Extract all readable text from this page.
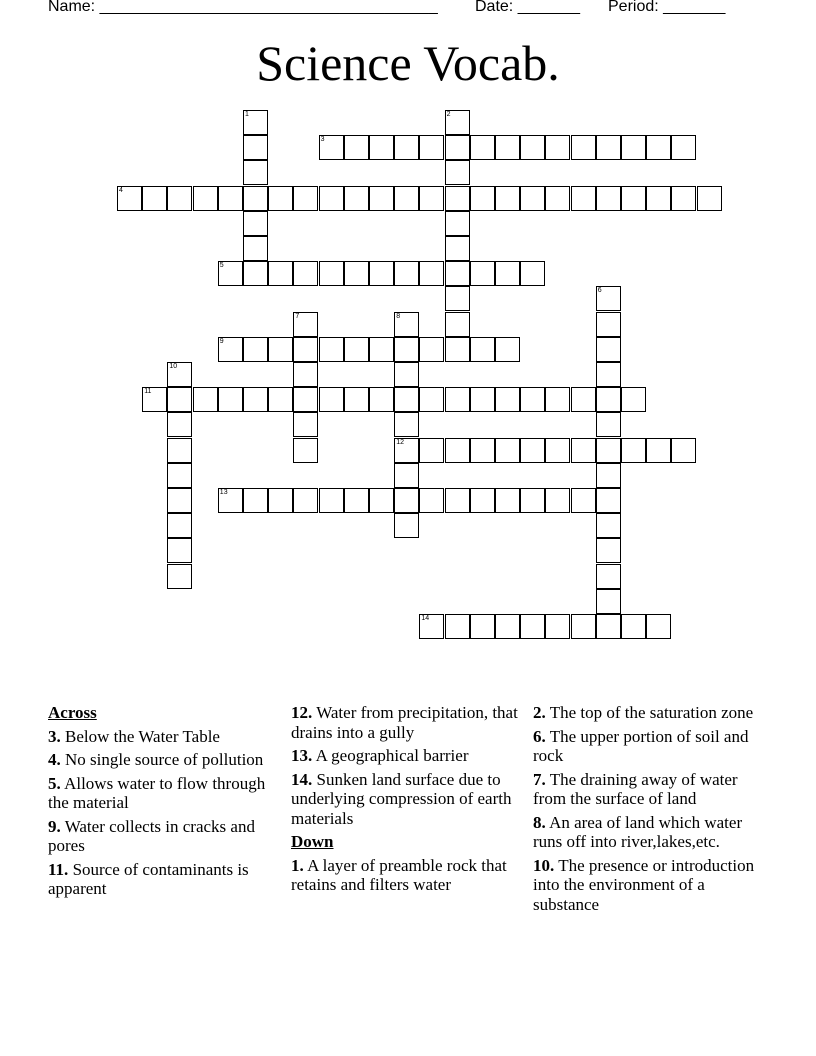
Name: ______________________________________ Date: _______ Period: _______
Science Vocab.
1	2
3
4
5
6
7	8
12
9
10
11
13
14
Across
3. Below the Water Table
4. No single source of pollution
5. Allows water to flow through the material
9. Water collects in cracks and pores
11. Source of contaminants is apparent
12. Water from precipitation, that drains into a gully
13. A geographical barrier
14. Sunken land surface due to underlying compression of earth materials
Down
1. A layer of preamble rock that retains and filters water
2. The top of the saturation zone
6. The upper portion of soil and rock
7. The draining away of water from the surface of land
8. An area of land which water runs off into river,lakes,etc.
10. The presence or introduction into the environment of a substance
